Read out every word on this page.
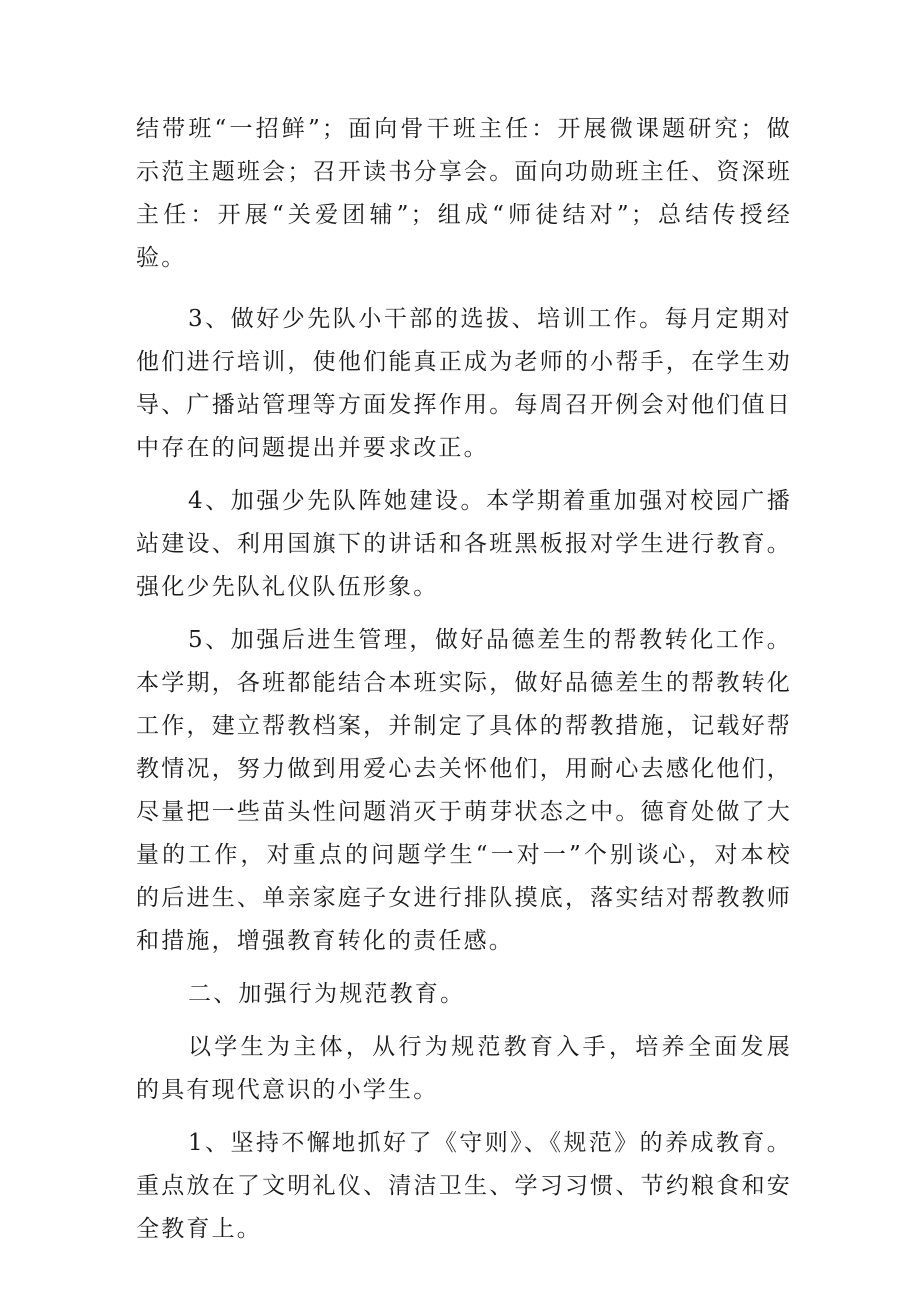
结带班“一招鲜”；面向骨干班主任：开展微课题研究；做示范主题班会；召开读书分享会。面向功勋班主任、资深班主任：开展“关爱团辅”；组成“师徒结对”；总结传授经验。

3、做好少先队小干部的选拔、培训工作。每月定期对他们进行培训，使他们能真正成为老师的小帮手，在学生劝导、广播站管理等方面发挥作用。每周召开例会对他们值日中存在的问题提出并要求改正。

4、加强少先队阵她建设。本学期着重加强对校园广播站建设、利用国旗下的讲话和各班黑板报对学生进行教育。强化少先队礼仪队伍形象。

5、加强后进生管理，做好品德差生的帮教转化工作。本学期，各班都能结合本班实际，做好品德差生的帮教转化工作，建立帮教档案，并制定了具体的帮教措施，记载好帮教情况，努力做到用爱心去关怀他们，用耐心去感化他们，尽量把一些苗头性问题消灭于萌芽状态之中。德育处做了大量的工作，对重点的问题学生“一对一”个别谈心，对本校的后进生、单亲家庭子女进行排队摸底，落实结对帮教教师和措施，增强教育转化的责任感。

二、加强行为规范教育。

以学生为主体，从行为规范教育入手，培养全面发展的具有现代意识的小学生。

1、坚持不懈地抓好了《守则》、《规范》的养成教育。重点放在了文明礼仪、清洁卫生、学习习惯、节约粮食和安全教育上。
